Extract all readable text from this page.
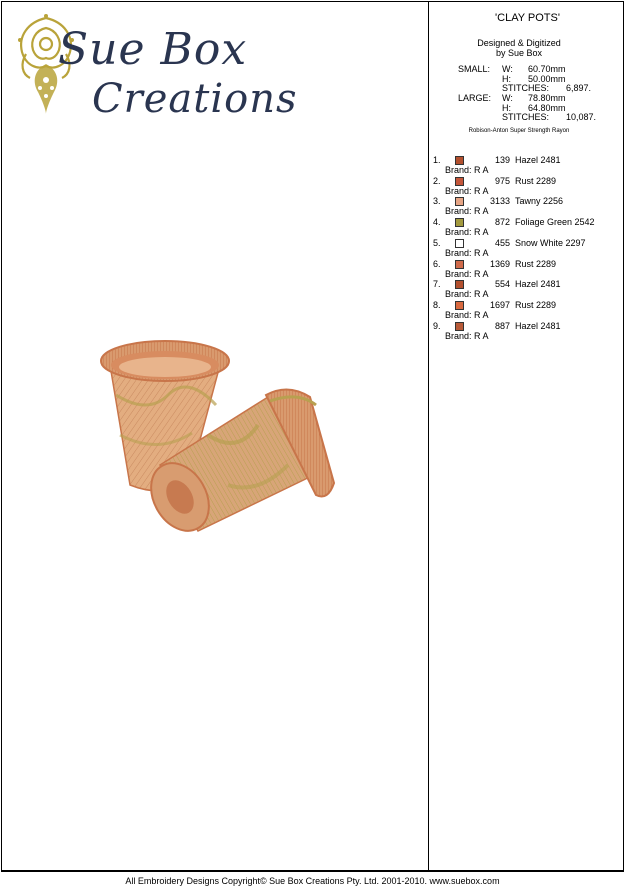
Sue Box
Creations
'CLAY POTS'
Designed & Digitized
by Sue Box
SMALL: W: 60.70mm
H: 50.00mm
STITCHES: 6,897.
LARGE: W: 78.80mm
H: 64.80mm
STITCHES: 10,087.
Robison-Anton Super Strength Rayon
1.	139 Hazel 2481
Brand: R A
2.	975 Rust 2289
Brand: R A
3.	3133 Tawny 2256
Brand: R A
4.	872 Foliage Green 2542
Brand: R A
5.	455 Snow White 2297
Brand: R A
6.	1369 Rust 2289
Brand: R A
7.	554 Hazel 2481
Brand: R A
8.	1697 Rust 2289
Brand: R A
9.	887 Hazel 2481
Brand: R A
All Embroidery Designs Copyright© Sue Box Creations Pty. Ltd. 2001-2010. www.suebox.com
